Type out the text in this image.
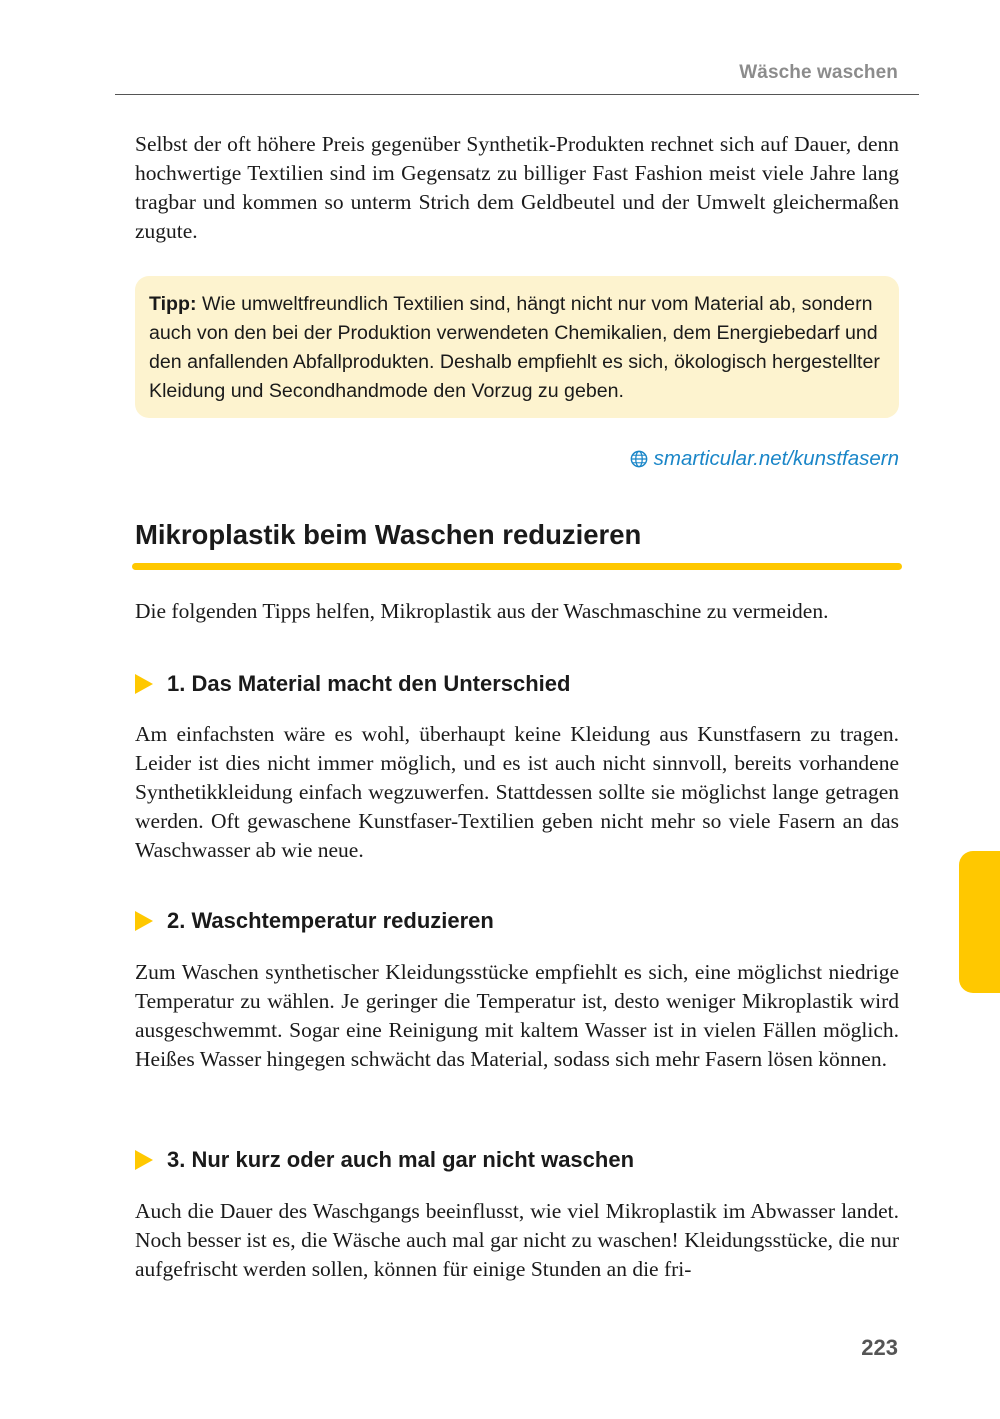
Wäsche waschen

Selbst der oft höhere Preis gegenüber Synthetik-Produkten rechnet sich auf Dauer, denn hochwertige Textilien sind im Gegensatz zu billiger Fast Fashion meist viele Jahre lang tragbar und kommen so unterm Strich dem Geldbeutel und der Umwelt gleichermaßen zugute.

Tipp: Wie umweltfreundlich Textilien sind, hängt nicht nur vom Material ab, sondern auch von den bei der Produktion verwendeten Chemikalien, dem Energiebedarf und den anfallenden Abfallprodukten. Deshalb empfiehlt es sich, ökologisch hergestellter Kleidung und Secondhandmode den Vorzug zu geben.
smarticular.net/kunstfasern
Mikroplastik beim Waschen reduzieren

Die folgenden Tipps helfen, Mikroplastik aus der Waschmaschine zu vermeiden.

1. Das Material macht den Unterschied

Am einfachsten wäre es wohl, überhaupt keine Kleidung aus Kunstfasern zu tragen. Leider ist dies nicht immer möglich, und es ist auch nicht sinnvoll, bereits vorhandene Synthetikkleidung einfach wegzuwerfen. Stattdessen sollte sie möglichst lange getragen werden. Oft gewaschene Kunstfaser-Textilien geben nicht mehr so viele Fasern an das Waschwasser ab wie neue.

2. Waschtemperatur reduzieren

Zum Waschen synthetischer Kleidungsstücke empfiehlt es sich, eine möglichst niedrige Temperatur zu wählen. Je geringer die Temperatur ist, desto weniger Mikroplastik wird ausgeschwemmt. Sogar eine Reinigung mit kaltem Wasser ist in vielen Fällen möglich. Heißes Wasser hingegen schwächt das Material, sodass sich mehr Fasern lösen können.

3. Nur kurz oder auch mal gar nicht waschen

Auch die Dauer des Waschgangs beeinflusst, wie viel Mikroplastik im Abwasser landet. Noch besser ist es, die Wäsche auch mal gar nicht zu waschen! Kleidungsstücke, die nur aufgefrischt werden sollen, können für einige Stunden an die fri-

223
